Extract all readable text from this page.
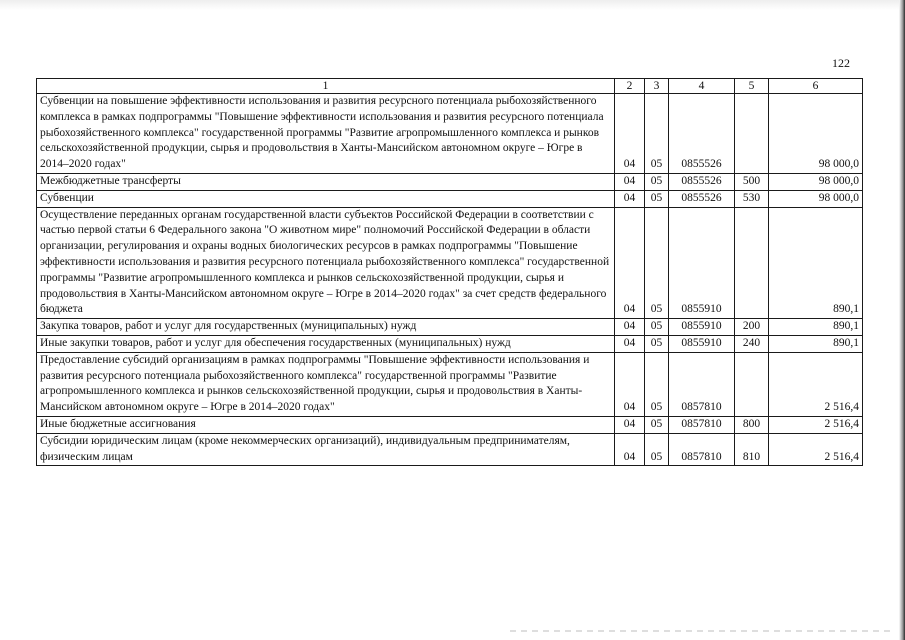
122
1	2	3	4	5	6
Субвенции на повышение эффективности использования и развития ресурсного потенциала рыбохозяйственного комплекса в рамках подпрограммы "Повышение эффективности использования и развития ресурсного потенциала рыбохозяйственного комплекса" государственной программы "Развитие агропромышленного комплекса и рынков сельскохозяйственной продукции, сырья и продовольствия в Ханты-Мансийском автономном округе – Югре в 2014–2020 годах"	04	05	0855526		98 000,0
Межбюджетные трансферты	04	05	0855526	500	98 000,0
Субвенции	04	05	0855526	530	98 000,0
Осуществление переданных органам государственной власти субъектов Российской Федерации в соответствии с частью первой статьи 6 Федерального закона "О животном мире" полномочий Российской Федерации в области организации, регулирования и охраны водных биологических ресурсов в рамках подпрограммы "Повышение эффективности использования и развития ресурсного потенциала рыбохозяйственного комплекса" государственной программы "Развитие агропромышленного комплекса и рынков сельскохозяйственной продукции, сырья и продовольствия в Ханты-Мансийском автономном округе – Югре в 2014–2020 годах" за счет средств федерального бюджета	04	05	0855910		890,1
Закупка товаров, работ и услуг для государственных (муниципальных) нужд	04	05	0855910	200	890,1
Иные закупки товаров, работ и услуг для обеспечения государственных (муниципальных) нужд	04	05	0855910	240	890,1
Предоставление субсидий организациям в рамках подпрограммы "Повышение эффективности использования и развития ресурсного потенциала рыбохозяйственного комплекса" государственной программы "Развитие агропромышленного комплекса и рынков сельскохозяйственной продукции, сырья и продовольствия в Ханты-Мансийском автономном округе – Югре в 2014–2020 годах"	04	05	0857810		2 516,4
Иные бюджетные ассигнования	04	05	0857810	800	2 516,4
Субсидии юридическим лицам (кроме некоммерческих организаций), индивидуальным предпринимателям, физическим лицам	04	05	0857810	810	2 516,4
